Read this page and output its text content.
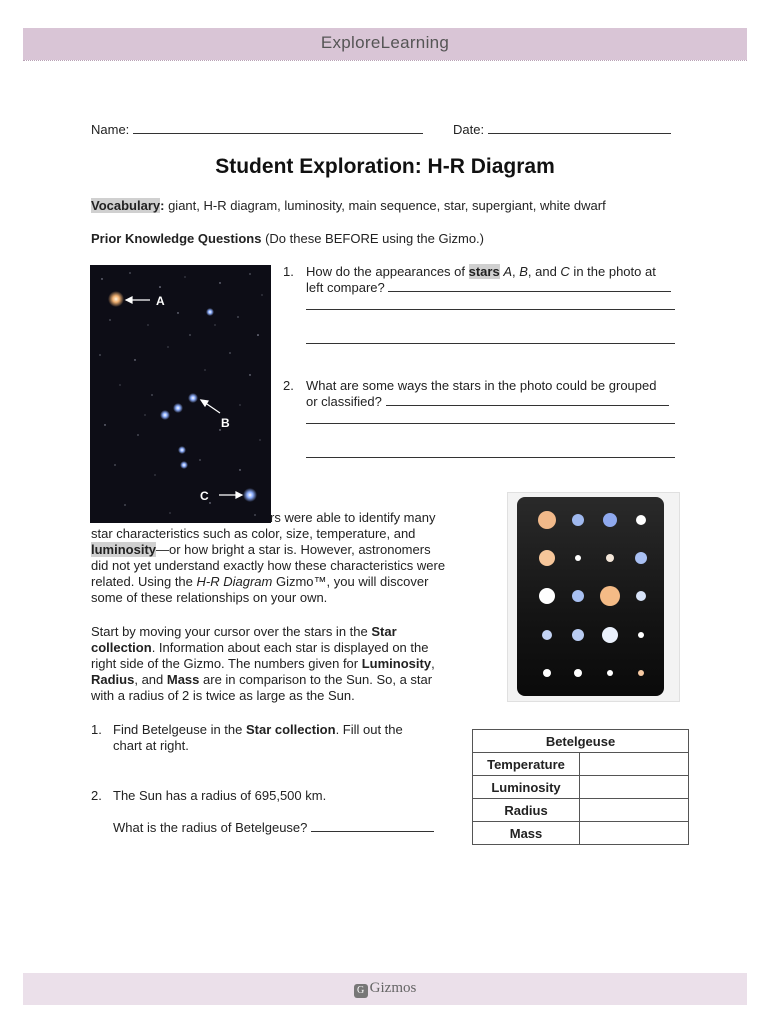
ExploreLearning
Name:	Date:
Student Exploration: H-R Diagram
Vocabulary: giant, H-R diagram, luminosity, main sequence, star, supergiant, white dwarf
Prior Knowledge Questions (Do these BEFORE using the Gizmo.)
A
B
C
1. How do the appearances of stars A, B, and C in the photo at
left compare?
2. What are some ways the stars in the photo could be grouped
or classified?
rs were able to identify many
star characteristics such as color, size, temperature, and
luminosity—or how bright a star is. However, astronomers
did not yet understand exactly how these characteristics were
related. Using the H-R Diagram Gizmo™, you will discover
some of these relationships on your own.
Start by moving your cursor over the stars in the Star
collection. Information about each star is displayed on the
right side of the Gizmo. The numbers given for Luminosity,
Radius, and Mass are in comparison to the Sun. So, a star
with a radius of 2 is twice as large as the Sun.
1. Find Betelgeuse in the Star collection. Fill out the
chart at right.
2. The Sun has a radius of 695,500 km.
What is the radius of Betelgeuse?
Betelgeuse	
Temperature	
Luminosity	
Radius	
Mass	
G Gizmos
